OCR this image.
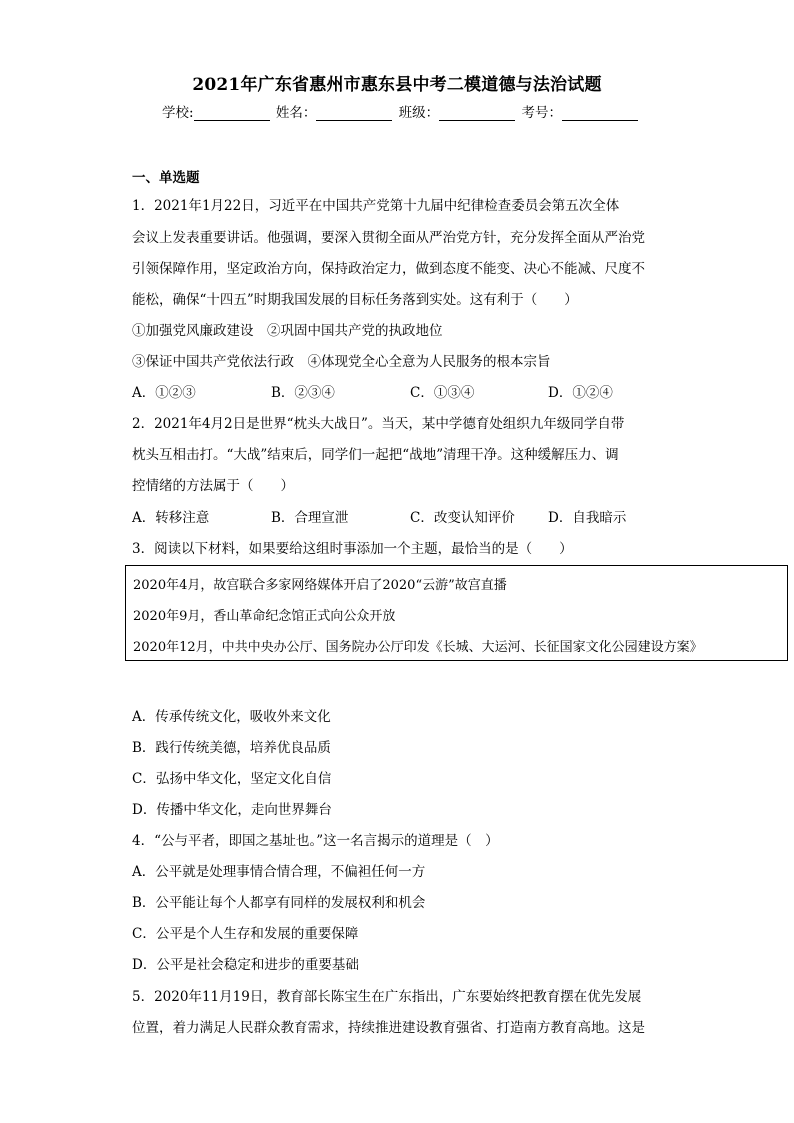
2021年广东省惠州市惠东县中考二模道德与法治试题
学校:	姓名：	班级：	考号：
一、单选题
1．2021年1月22日，习近平在中国共产党第十九届中纪律检查委员会第五次全体
会议上发表重要讲话。他强调，要深入贯彻全面从严治党方针，充分发挥全面从严治党
引领保障作用，坚定政治方向，保持政治定力，做到态度不能变、决心不能减、尺度不
能松，确保“十四五”时期我国发展的目标任务落到实处。这有利于（　　）
①加强党风廉政建设　②巩固中国共产党的执政地位
③保证中国共产党依法行政　④体现党全心全意为人民服务的根本宗旨
A．①②③	B．②③④	C．①③④	D．①②④
2．2021年4月2日是世界“枕头大战日”。当天，某中学德育处组织九年级同学自带
枕头互相击打。“大战”结束后，同学们一起把“战地”清理干净。这种缓解压力、调
控情绪的方法属于（　　）
A．转移注意	B．合理宣泄	C．改变认知评价 D．自我暗示
3．阅读以下材料，如果要给这组时事添加一个主题，最恰当的是（　　）
2020年4月，故宫联合多家网络媒体开启了2020“云游”故宫直播
2020年9月，香山革命纪念馆正式向公众开放
2020年12月，中共中央办公厅、国务院办公厅印发《长城、大运河、长征国家文化公园建设方案》
A．传承传统文化，吸收外来文化
B．践行传统美德，培养优良品质
C．弘扬中华文化，坚定文化自信
D．传播中华文化，走向世界舞台
4．“公与平者，即国之基址也。”这一名言揭示的道理是（　）
A．公平就是处理事情合情合理，不偏袒任何一方
B．公平能让每个人都享有同样的发展权利和机会
C．公平是个人生存和发展的重要保障
D．公平是社会稳定和进步的重要基础
5．2020年11月19日，教育部长陈宝生在广东指出，广东要始终把教育摆在优先发展
位置，着力满足人民群众教育需求，持续推进建设教育强省、打造南方教育高地。这是
